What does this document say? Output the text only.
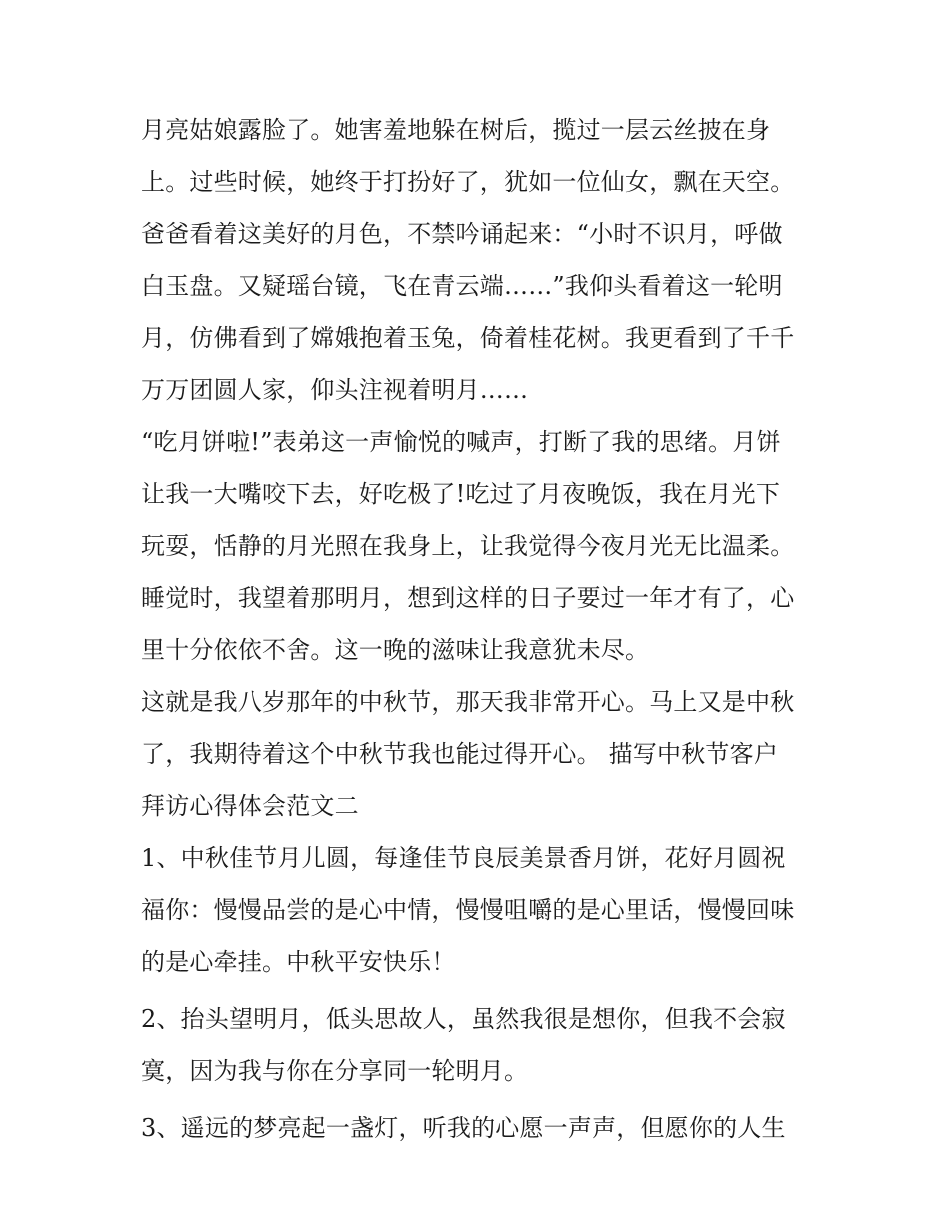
月亮姑娘露脸了。她害羞地躲在树后，揽过一层云丝披在身
上。过些时候，她终于打扮好了，犹如一位仙女，飘在天空。
爸爸看着这美好的月色，不禁吟诵起来：“小时不识月，呼做
白玉盘。又疑瑶台镜，飞在青云端……”我仰头看着这一轮明
月，仿佛看到了嫦娥抱着玉兔，倚着桂花树。我更看到了千千
万万团圆人家，仰头注视着明月……
“吃月饼啦!”表弟这一声愉悦的喊声，打断了我的思绪。月饼
让我一大嘴咬下去，好吃极了!吃过了月夜晚饭，我在月光下
玩耍，恬静的月光照在我身上，让我觉得今夜月光无比温柔。
睡觉时，我望着那明月，想到这样的日子要过一年才有了，心
里十分依依不舍。这一晚的滋味让我意犹未尽。
这就是我八岁那年的中秋节，那天我非常开心。马上又是中秋
了，我期待着这个中秋节我也能过得开心。 描写中秋节客户
拜访心得体会范文二
1、中秋佳节月儿圆，每逢佳节良辰美景香月饼，花好月圆祝
福你：慢慢品尝的是心中情，慢慢咀嚼的是心里话，慢慢回味
的是心牵挂。中秋平安快乐！
2、抬头望明月，低头思故人，虽然我很是想你，但我不会寂
寞，因为我与你在分享同一轮明月。
3、遥远的梦亮起一盏灯，听我的心愿一声声，但愿你的人生
